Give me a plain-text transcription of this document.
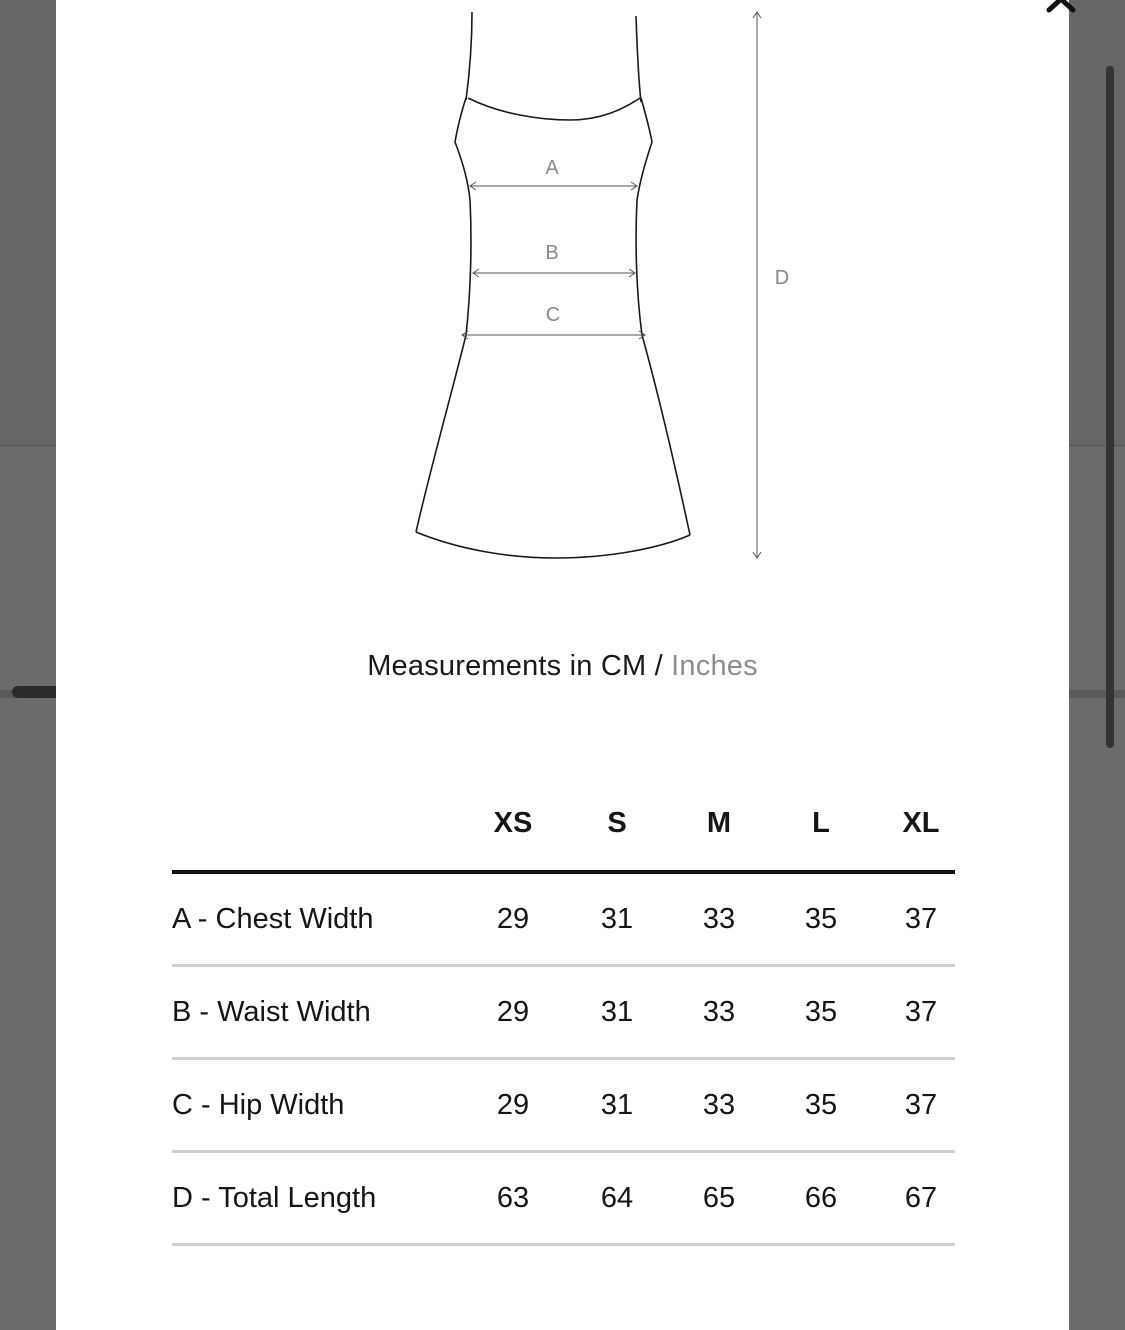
A
B
C
D
Measurements in CM / Inches
XS	S	M	L	XL
A - Chest Width	29	31	33	35	37
B - Waist Width	29	31	33	35	37
C - Hip Width	29	31	33	35	37
D - Total Length	63	64	65	66	67
